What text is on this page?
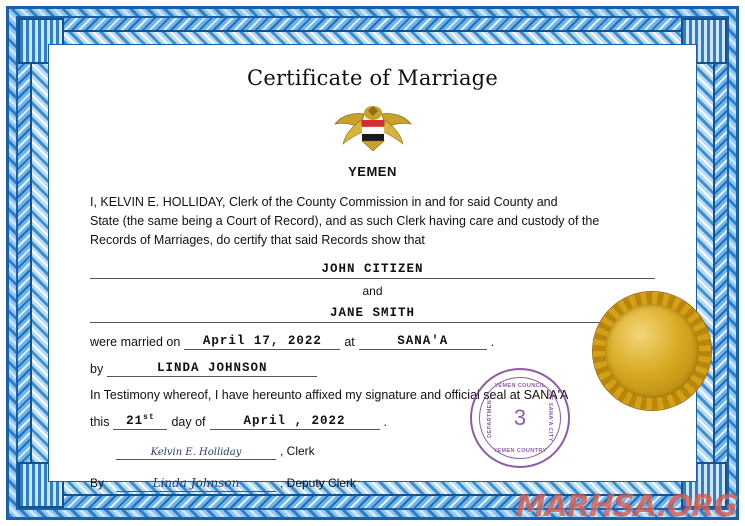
Certificate of Marriage
YEMEN
I, KELVIN E. HOLLIDAY, Clerk of the County Commission in and for said County and
State (the same being a Court of Record), and as such Clerk having care and custody of the
Records of Marriages, do certify that said Records show that
JOHN CITIZEN
and
JANE SMITH
were married on	April 17, 2022	at	SANA'A	.
by	LINDA JOHNSON
In Testimony whereof, I have hereunto affixed my signature and official seal at SANA'A
this	21st	day of	April , 2022	.
Kelvin E. Holliday	, Clerk
By	Linda Johnson	, Deputy Clerk
YEMEN COUNCIL
DEPARTMENT	OF SANA'A CITY
YEMEN COUNTRY
3
MARHSA.ORG
